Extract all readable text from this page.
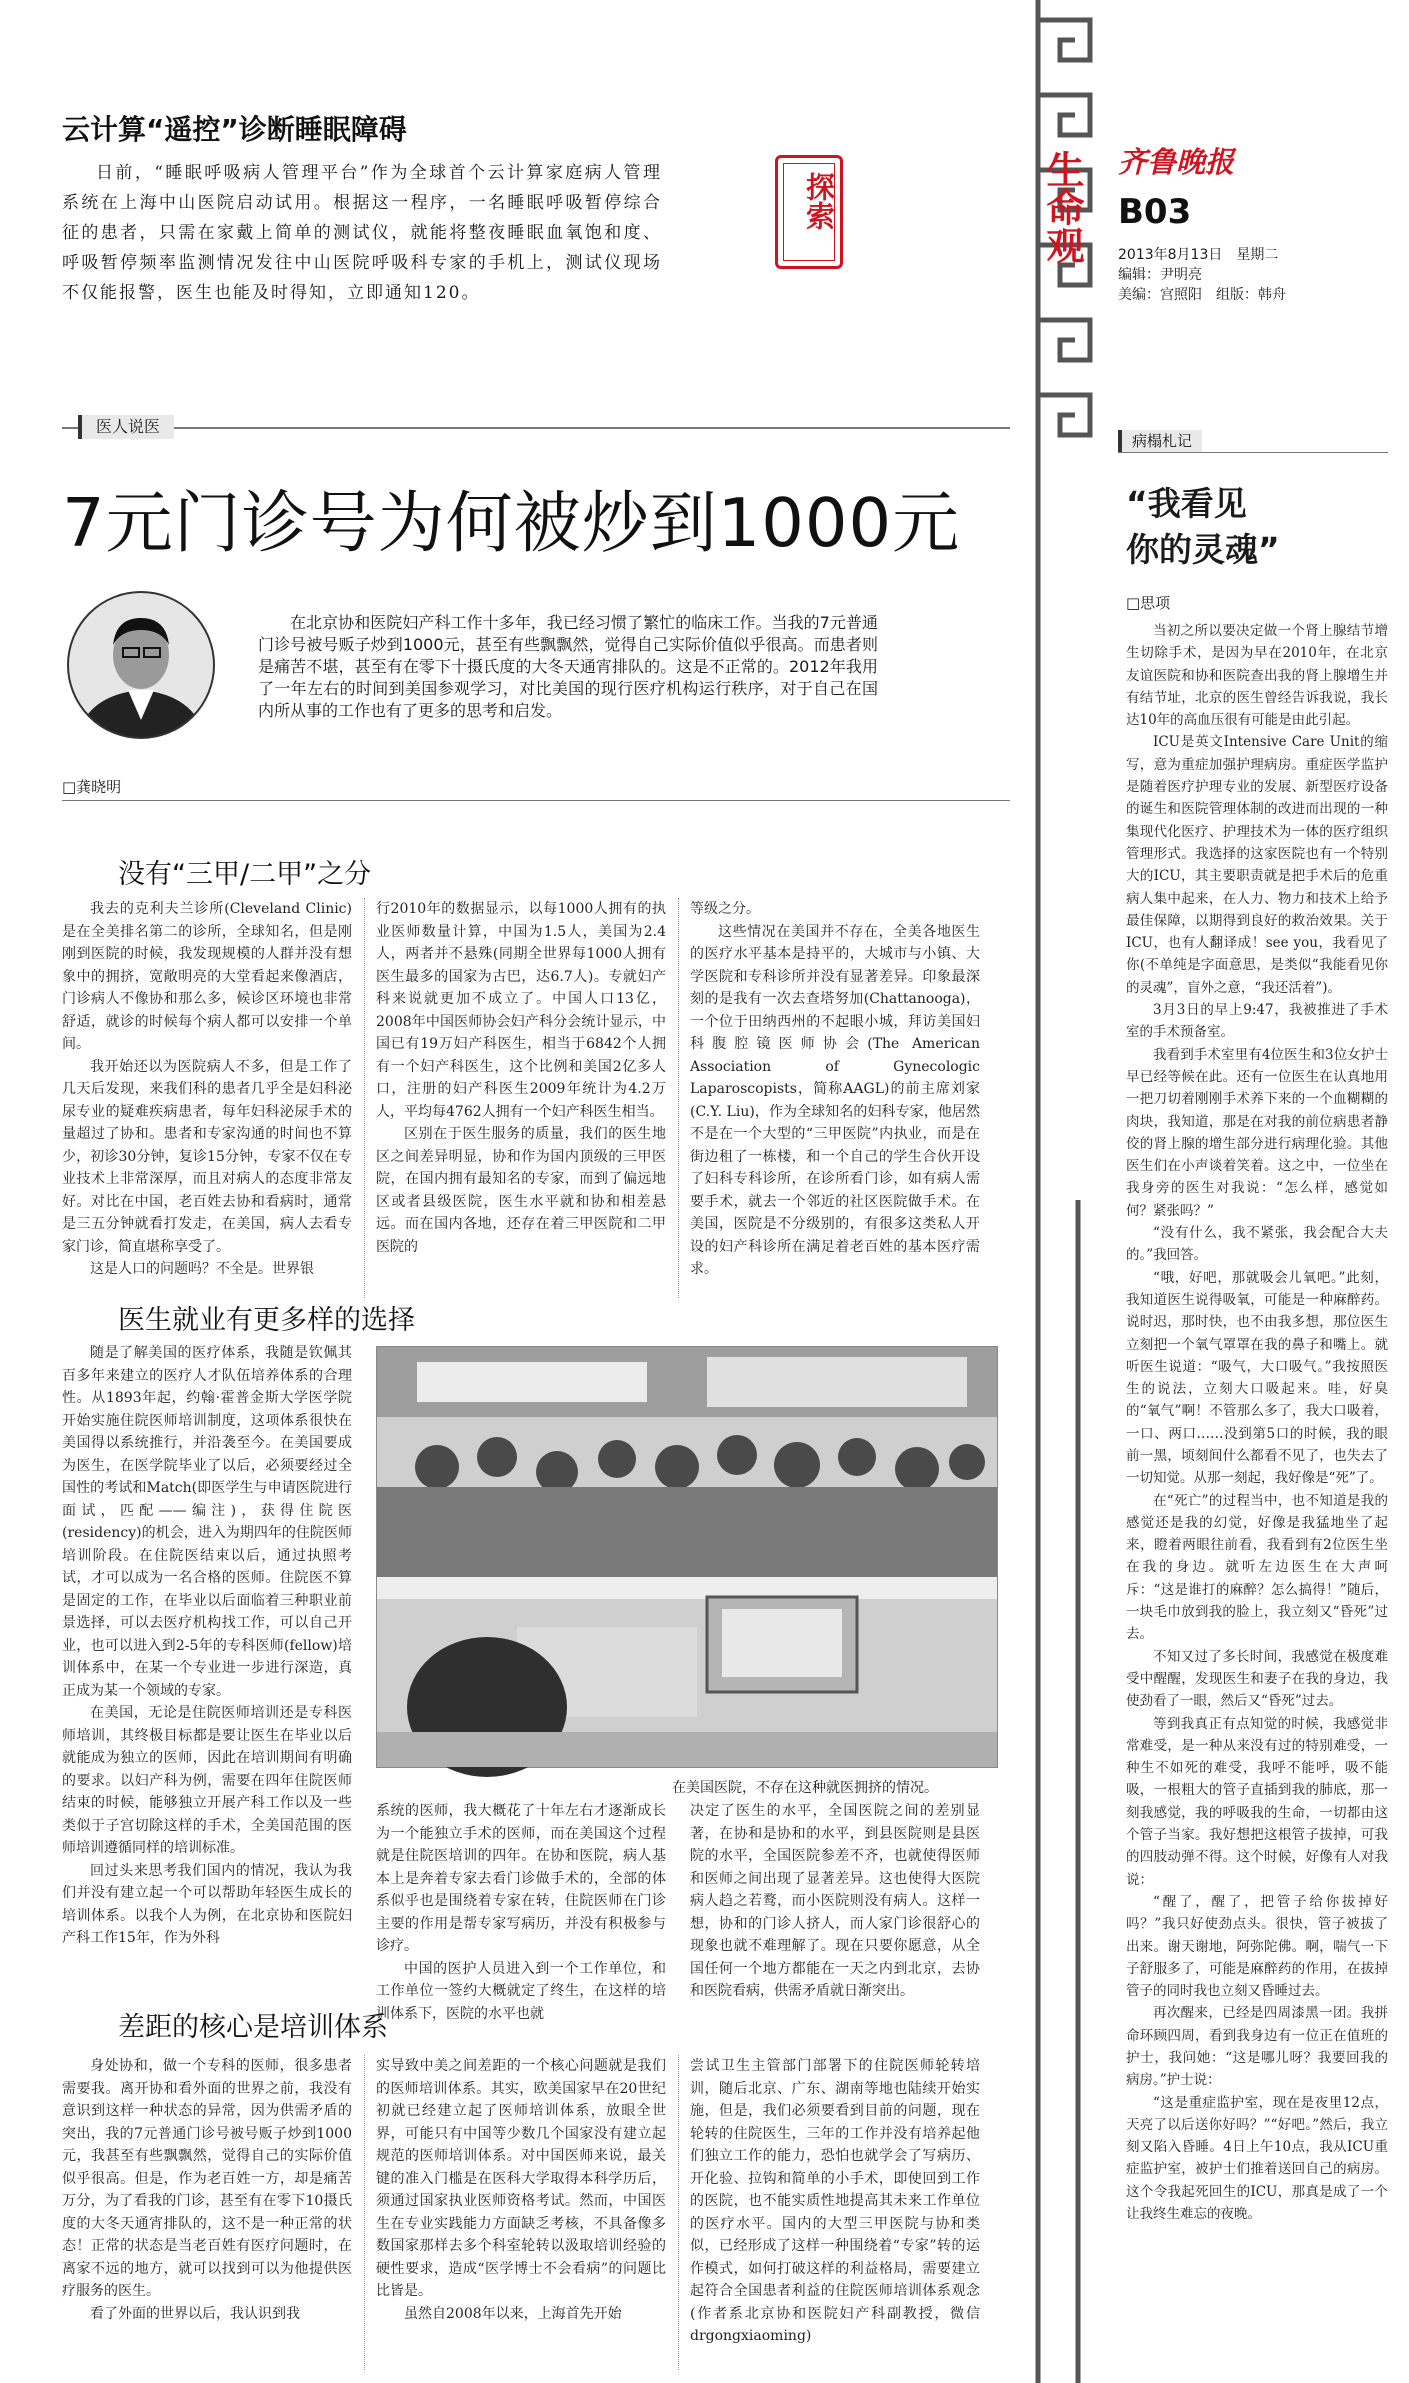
云计算“遥控”诊断睡眠障碍
日前，“睡眠呼吸病人管理平台”作为全球首个云计算家庭病人管理系统在上海中山医院启动试用。根据这一程序，一名睡眠呼吸暂停综合征的患者，只需在家戴上简单的测试仪，就能将整夜睡眠血氧饱和度、呼吸暂停频率监测情况发往中山医院呼吸科专家的手机上，测试仪现场不仅能报警，医生也能及时得知，立即通知120。
探索	生命观 齐鲁晚报
B03
2013年8月13日　星期二
编辑：尹明亮
美编：宫照阳　组版：韩舟
医人说医
7元门诊号为何被炒到1000元
在北京协和医院妇产科工作十多年，我已经习惯了繁忙的临床工作。当我的7元普通门诊号被号贩子炒到1000元，甚至有些飘飘然，觉得自己实际价值似乎很高。而患者则是痛苦不堪，甚至有在零下十摄氏度的大冬天通宵排队的。这是不正常的。2012年我用了一年左右的时间到美国参观学习，对比美国的现行医疗机构运行秩序，对于自己在国内所从事的工作也有了更多的思考和启发。
□龚晓明
没有“三甲/二甲”之分

我去的克利夫兰诊所(Cleveland Clinic)是在全美排名第二的诊所，全球知名，但是刚刚到医院的时候，我发现规模的人群并没有想象中的拥挤，宽敞明亮的大堂看起来像酒店，门诊病人不像协和那么多，候诊区环境也非常舒适，就诊的时候每个病人都可以安排一个单间。

我开始还以为医院病人不多，但是工作了几天后发现，来我们科的患者几乎全是妇科泌尿专业的疑难疾病患者，每年妇科泌尿手术的量超过了协和。患者和专家沟通的时间也不算少，初诊30分钟，复诊15分钟，专家不仅在专业技术上非常深厚，而且对病人的态度非常友好。对比在中国，老百姓去协和看病时，通常是三五分钟就看打发走，在美国，病人去看专家门诊，简直堪称享受了。

这是人口的问题吗？不全是。世界银

行2010年的数据显示，以每1000人拥有的执业医师数量计算，中国为1.5人，美国为2.4人，两者并不悬殊(同期全世界每1000人拥有医生最多的国家为古巴，达6.7人)。专就妇产科来说就更加不成立了。中国人口13亿，2008年中国医师协会妇产科分会统计显示，中国已有19万妇产科医生，相当于6842个人拥有一个妇产科医生，这个比例和美国2亿多人口，注册的妇产科医生2009年统计为4.2万人，平均每4762人拥有一个妇产科医生相当。

区别在于医生服务的质量，我们的医生地区之间差异明显，协和作为国内顶级的三甲医院，在国内拥有最知名的专家，而到了偏远地区或者县级医院，医生水平就和协和相差悬远。而在国内各地，还存在着三甲医院和二甲医院的

等级之分。

这些情况在美国并不存在，全美各地医生的医疗水平基本是持平的，大城市与小镇、大学医院和专科诊所并没有显著差异。印象最深刻的是我有一次去查塔努加(Chattanooga)，一个位于田纳西州的不起眼小城，拜访美国妇科腹腔镜医师协会(The American Association of Gynecologic Laparoscopists，简称AAGL)的前主席刘家(C.Y. Liu)，作为全球知名的妇科专家，他居然不是在一个大型的“三甲医院”内执业，而是在街边租了一栋楼，和一个自己的学生合伙开设了妇科专科诊所，在诊所看门诊，如有病人需要手术，就去一个邻近的社区医院做手术。在美国，医院是不分级别的，有很多这类私人开设的妇产科诊所在满足着老百姓的基本医疗需求。

医生就业有更多样的选择

随是了解美国的医疗体系，我随是钦佩其百多年来建立的医疗人才队伍培养体系的合理性。从1893年起，约翰·霍普金斯大学医学院开始实施住院医师培训制度，这项体系很快在美国得以系统推行，并沿袭至今。在美国要成为医生，在医学院毕业了以后，必须要经过全国性的考试和Match(即医学生与申请医院进行面试，匹配——编注)，获得住院医(residency)的机会，进入为期四年的住院医师培训阶段。在住院医结束以后，通过执照考试，才可以成为一名合格的医师。住院医不算是固定的工作，在毕业以后面临着三种职业前景选择，可以去医疗机构找工作，可以自己开业，也可以进入到2-5年的专科医师(fellow)培训体系中，在某一个专业进一步进行深造，真正成为某一个领域的专家。

在美国，无论是住院医师培训还是专科医师培训，其终极目标都是要让医生在毕业以后就能成为独立的医师，因此在培训期间有明确的要求。以妇产科为例，需要在四年住院医师结束的时候，能够独立开展产科工作以及一些类似于子宫切除这样的手术，全美国范围的医师培训遵循同样的培训标准。

回过头来思考我们国内的情况，我认为我们并没有建立起一个可以帮助年轻医生成长的培训体系。以我个人为例，在北京协和医院妇产科工作15年，作为外科

在美国医院，不存在这种就医拥挤的情况。

系统的医师，我大概花了十年左右才逐渐成长为一个能独立手术的医师，而在美国这个过程就是住院医培训的四年。在协和医院，病人基本上是奔着专家去看门诊做手术的，全部的体系似乎也是围绕着专家在转，住院医师在门诊主要的作用是帮专家写病历，并没有积极参与诊疗。

中国的医护人员进入到一个工作单位，和工作单位一签约大概就定了终生，在这样的培训体系下，医院的水平也就

决定了医生的水平，全国医院之间的差别显著，在协和是协和的水平，到县医院则是县医院的水平，全国医院参差不齐，也就使得医师和医师之间出现了显著差异。这也使得大医院病人趋之若鹜，而小医院则没有病人。这样一想，协和的门诊人挤人，而人家门诊很舒心的现象也就不难理解了。现在只要你愿意，从全国任何一个地方都能在一天之内到北京，去协和医院看病，供需矛盾就日渐突出。

差距的核心是培训体系

身处协和，做一个专科的医师，很多患者需要我。离开协和看外面的世界之前，我没有意识到这样一种状态的异常，因为供需矛盾的突出，我的7元普通门诊号被号贩子炒到1000元，我甚至有些飘飘然，觉得自己的实际价值似乎很高。但是，作为老百姓一方，却是痛苦万分，为了看我的门诊，甚至有在零下10摄氏度的大冬天通宵排队的，这不是一种正常的状态！正常的状态是当老百姓有医疗问题时，在离家不远的地方，就可以找到可以为他提供医疗服务的医生。

看了外面的世界以后，我认识到我

实导致中美之间差距的一个核心问题就是我们的医师培训体系。其实，欧美国家早在20世纪初就已经建立起了医师培训体系，放眼全世界，可能只有中国等少数几个国家没有建立起规范的医师培训体系。对中国医师来说，最关键的准入门槛是在医科大学取得本科学历后，须通过国家执业医师资格考试。然而，中国医生在专业实践能力方面缺乏考核，不具备像多数国家那样去多个科室轮转以汲取培训经验的硬性要求，造成“医学博士不会看病”的问题比比皆是。

虽然自2008年以来，上海首先开始

尝试卫生主管部门部署下的住院医师轮转培训，随后北京、广东、湖南等地也陆续开始实施，但是，我们必须要看到目前的问题，现在轮转的住院医生，三年的工作并没有培养起他们独立工作的能力，恐怕也就学会了写病历、开化验、拉钩和简单的小手术，即使回到工作的医院，也不能实质性地提高其未来工作单位的医疗水平。国内的大型三甲医院与协和类似，已经形成了这样一种围绕着“专家”转的运作模式，如何打破这样的利益格局，需要建立起符合全国患者利益的住院医师培训体系观念(作者系北京协和医院妇产科副教授，微信drgongxiaoming)

病榻札记
“我看见
你的灵魂”
□思项

当初之所以要决定做一个肾上腺结节增生切除手术，是因为早在2010年，在北京友谊医院和协和医院查出我的肾上腺增生并有结节址，北京的医生曾经告诉我说，我长达10年的高血压很有可能是由此引起。

ICU是英文Intensive Care Unit的缩写，意为重症加强护理病房。重症医学监护是随着医疗护理专业的发展、新型医疗设备的诞生和医院管理体制的改进而出现的一种集现代化医疗、护理技术为一体的医疗组织管理形式。我选择的这家医院也有一个特别大的ICU，其主要职责就是把手术后的危重病人集中起来，在人力、物力和技术上给予最佳保障，以期得到良好的救治效果。关于ICU，也有人翻译成！see you，我看见了你(不单纯是字面意思，是类似“我能看见你的灵魂”，盲外之意，“我还活着”)。

3月3日的早上9:47，我被推进了手术室的手术预备室。

我看到手术室里有4位医生和3位女护士早已经等候在此。还有一位医生在认真地用一把刀切着刚刚手术养下来的一个血糊糊的肉块，我知道，那是在对我的前位病患者静佼的肾上腺的增生部分进行病理化验。其他医生们在小声谈着笑着。这之中，一位坐在我身旁的医生对我说：“怎么样，感觉如何？紧张吗？”

“没有什么，我不紧张，我会配合大夫的。”我回答。

“哦，好吧，那就吸会儿氧吧。”此刻，我知道医生说得吸氧，可能是一种麻醉药。说时迟，那时快，也不由我多想，那位医生立刻把一个氧气罩罩在我的鼻子和嘴上。就听医生说道：“吸气，大口吸气。”我按照医生的说法，立刻大口吸起来。哇，好臭的“氧气”啊！不管那么多了，我大口吸着，一口、两口……没到第5口的时候，我的眼前一黑，顷刻间什么都看不见了，也失去了一切知觉。从那一刻起，我好像是“死”了。

在“死亡”的过程当中，也不知道是我的感觉还是我的幻觉，好像是我猛地坐了起来，瞪着两眼往前看，我看到有2位医生坐在我的身边。就听左边医生在大声呵斥：“这是谁打的麻醉？怎么搞得！”随后，一块毛巾放到我的脸上，我立刻又“昏死”过去。

不知又过了多长时间，我感觉在极度难受中醒醒，发现医生和妻子在我的身边，我使劲看了一眼，然后又“昏死”过去。

等到我真正有点知觉的时候，我感觉非常难受，是一种从来没有过的特别难受，一种生不如死的难受，我呼不能呼，吸不能吸，一根粗大的管子直插到我的肺底，那一刻我感觉，我的呼吸我的生命，一切都由这个管子当家。我好想把这根管子拔掉，可我的四肢动弹不得。这个时候，好像有人对我说：

“醒了，醒了，把管子给你拔掉好吗？”我只好使劲点头。很快，管子被拔了出来。谢天谢地，阿弥陀佛。啊，喘气一下子舒服多了，可能是麻醉药的作用，在拔掉管子的同时我也立刻又昏睡过去。

再次醒来，已经是四周漆黑一团。我拼命环顾四周，看到我身边有一位正在值班的护士，我问她：“这是哪儿呀？我要回我的病房。”护士说：

“这是重症监护室，现在是夜里12点，天亮了以后送你好吗？”“好吧。”然后，我立刻又陷入昏睡。4日上午10点，我从ICU重症监护室，被护士们推着送回自己的病房。这个令我起死回生的ICU，那真是成了一个让我终生难忘的夜晚。
